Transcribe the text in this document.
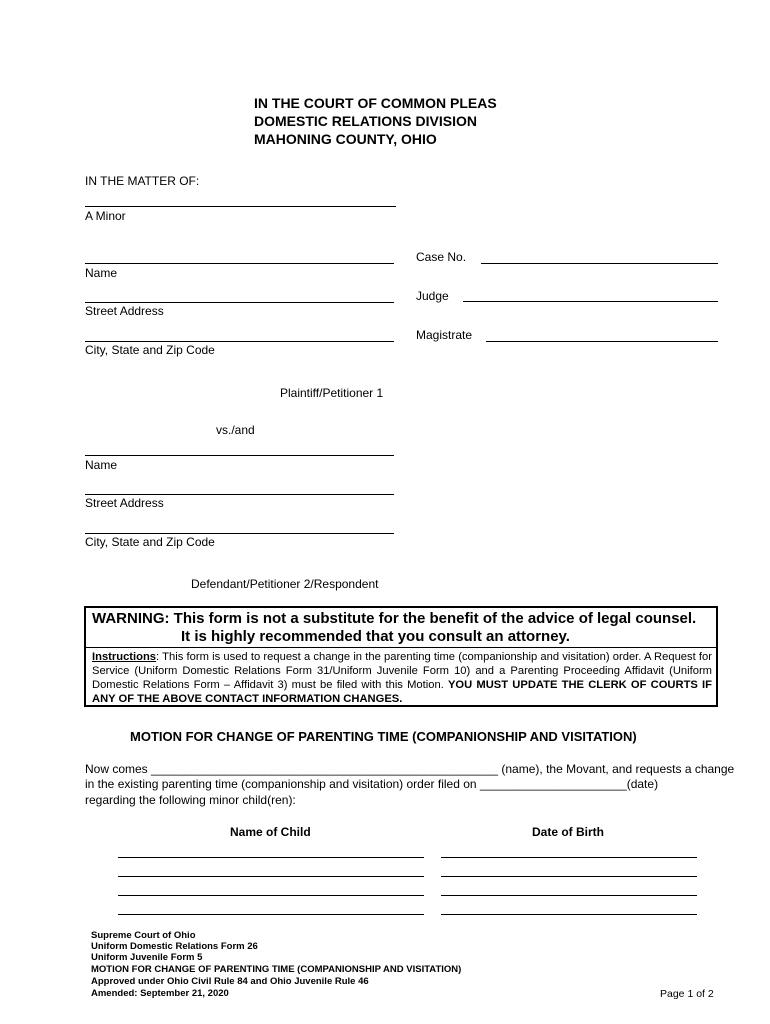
IN THE COURT OF COMMON PLEAS
DOMESTIC RELATIONS DIVISION
MAHONING COUNTY, OHIO
IN THE MATTER OF:
A Minor
Name
Street Address
City, State and Zip Code
Plaintiff/Petitioner 1
Case No.
Judge
Magistrate
vs./and
Name
Street Address
City, State and Zip Code
Defendant/Petitioner 2/Respondent
WARNING: This form is not a substitute for the benefit of the advice of legal counsel.
It is highly recommended that you consult an attorney.
Instructions: This form is used to request a change in the parenting time (companionship and visitation) order. A Request for Service (Uniform Domestic Relations Form 31/Uniform Juvenile Form 10) and a Parenting Proceeding Affidavit (Uniform Domestic Relations Form – Affidavit 3) must be filed with this Motion. YOU MUST UPDATE THE CLERK OF COURTS IF ANY OF THE ABOVE CONTACT INFORMATION CHANGES.
MOTION FOR CHANGE OF PARENTING TIME (COMPANIONSHIP AND VISITATION)
Now comes ____________________________________________________ (name), the Movant, and requests a change
in the existing parenting time (companionship and visitation) order filed on ______________________(date)
regarding the following minor child(ren):
Name of Child	Date of Birth
Supreme Court of Ohio
Uniform Domestic Relations Form 26
Uniform Juvenile Form 5
MOTION FOR CHANGE OF PARENTING TIME (COMPANIONSHIP AND VISITATION)
Approved under Ohio Civil Rule 84 and Ohio Juvenile Rule 46
Amended: September 21, 2020	Page 1 of 2
